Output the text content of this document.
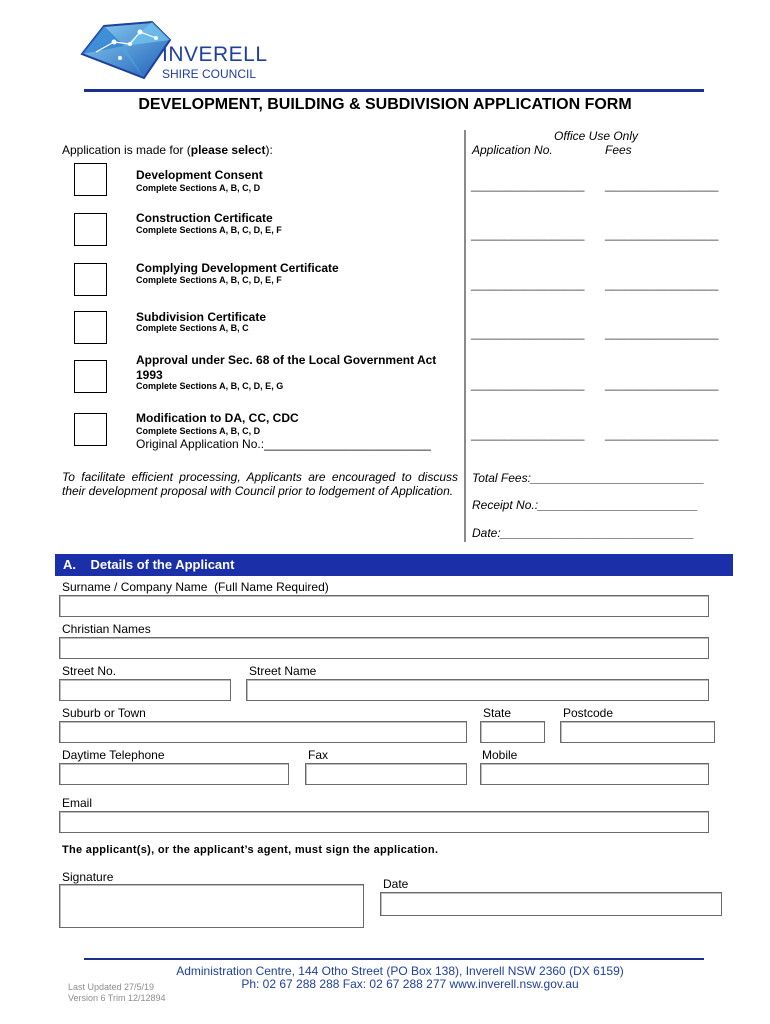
INVERELL
SHIRE COUNCIL
DEVELOPMENT, BUILDING & SUBDIVISION APPLICATION FORM
Application is made for (please select):
Development Consent
Complete Sections A, B, C, D
Construction Certificate
Complete Sections A, B, C, D, E, F
Complying Development Certificate
Complete Sections A, B, C, D, E, F
Subdivision Certificate
Complete Sections A, B, C
Approval under Sec. 68 of the Local Government Act 1993
Complete Sections A, B, C, D, E, G
Modification to DA, CC, CDC
Complete Sections A, B, C, D
Original Application No.:_________________________
To facilitate efficient processing, Applicants are encouraged to discuss their development proposal with Council prior to lodgement of Application.
Office Use Only
Application No.	Fees
_________________ _________________
_________________ _________________
_________________ _________________
_________________ _________________
_________________ _________________
_________________ _________________
Total Fees:__________________________
Receipt No.:________________________
Date:_____________________________
A.    Details of the Applicant
Surname / Company Name  (Full Name Required)
Christian Names
Street No.	Street Name
Suburb or Town	State	Postcode
Daytime Telephone	Fax	Mobile
Email
The applicant(s), or the applicant’s agent, must sign the application.
Signature	Date
Administration Centre, 144 Otho Street (PO Box 138), Inverell NSW 2360 (DX 6159)
Ph: 02 67 288 288 Fax: 02 67 288 277 www.inverell.nsw.gov.au
Last Updated 27/5/19
Version 6 Trim 12/12894
